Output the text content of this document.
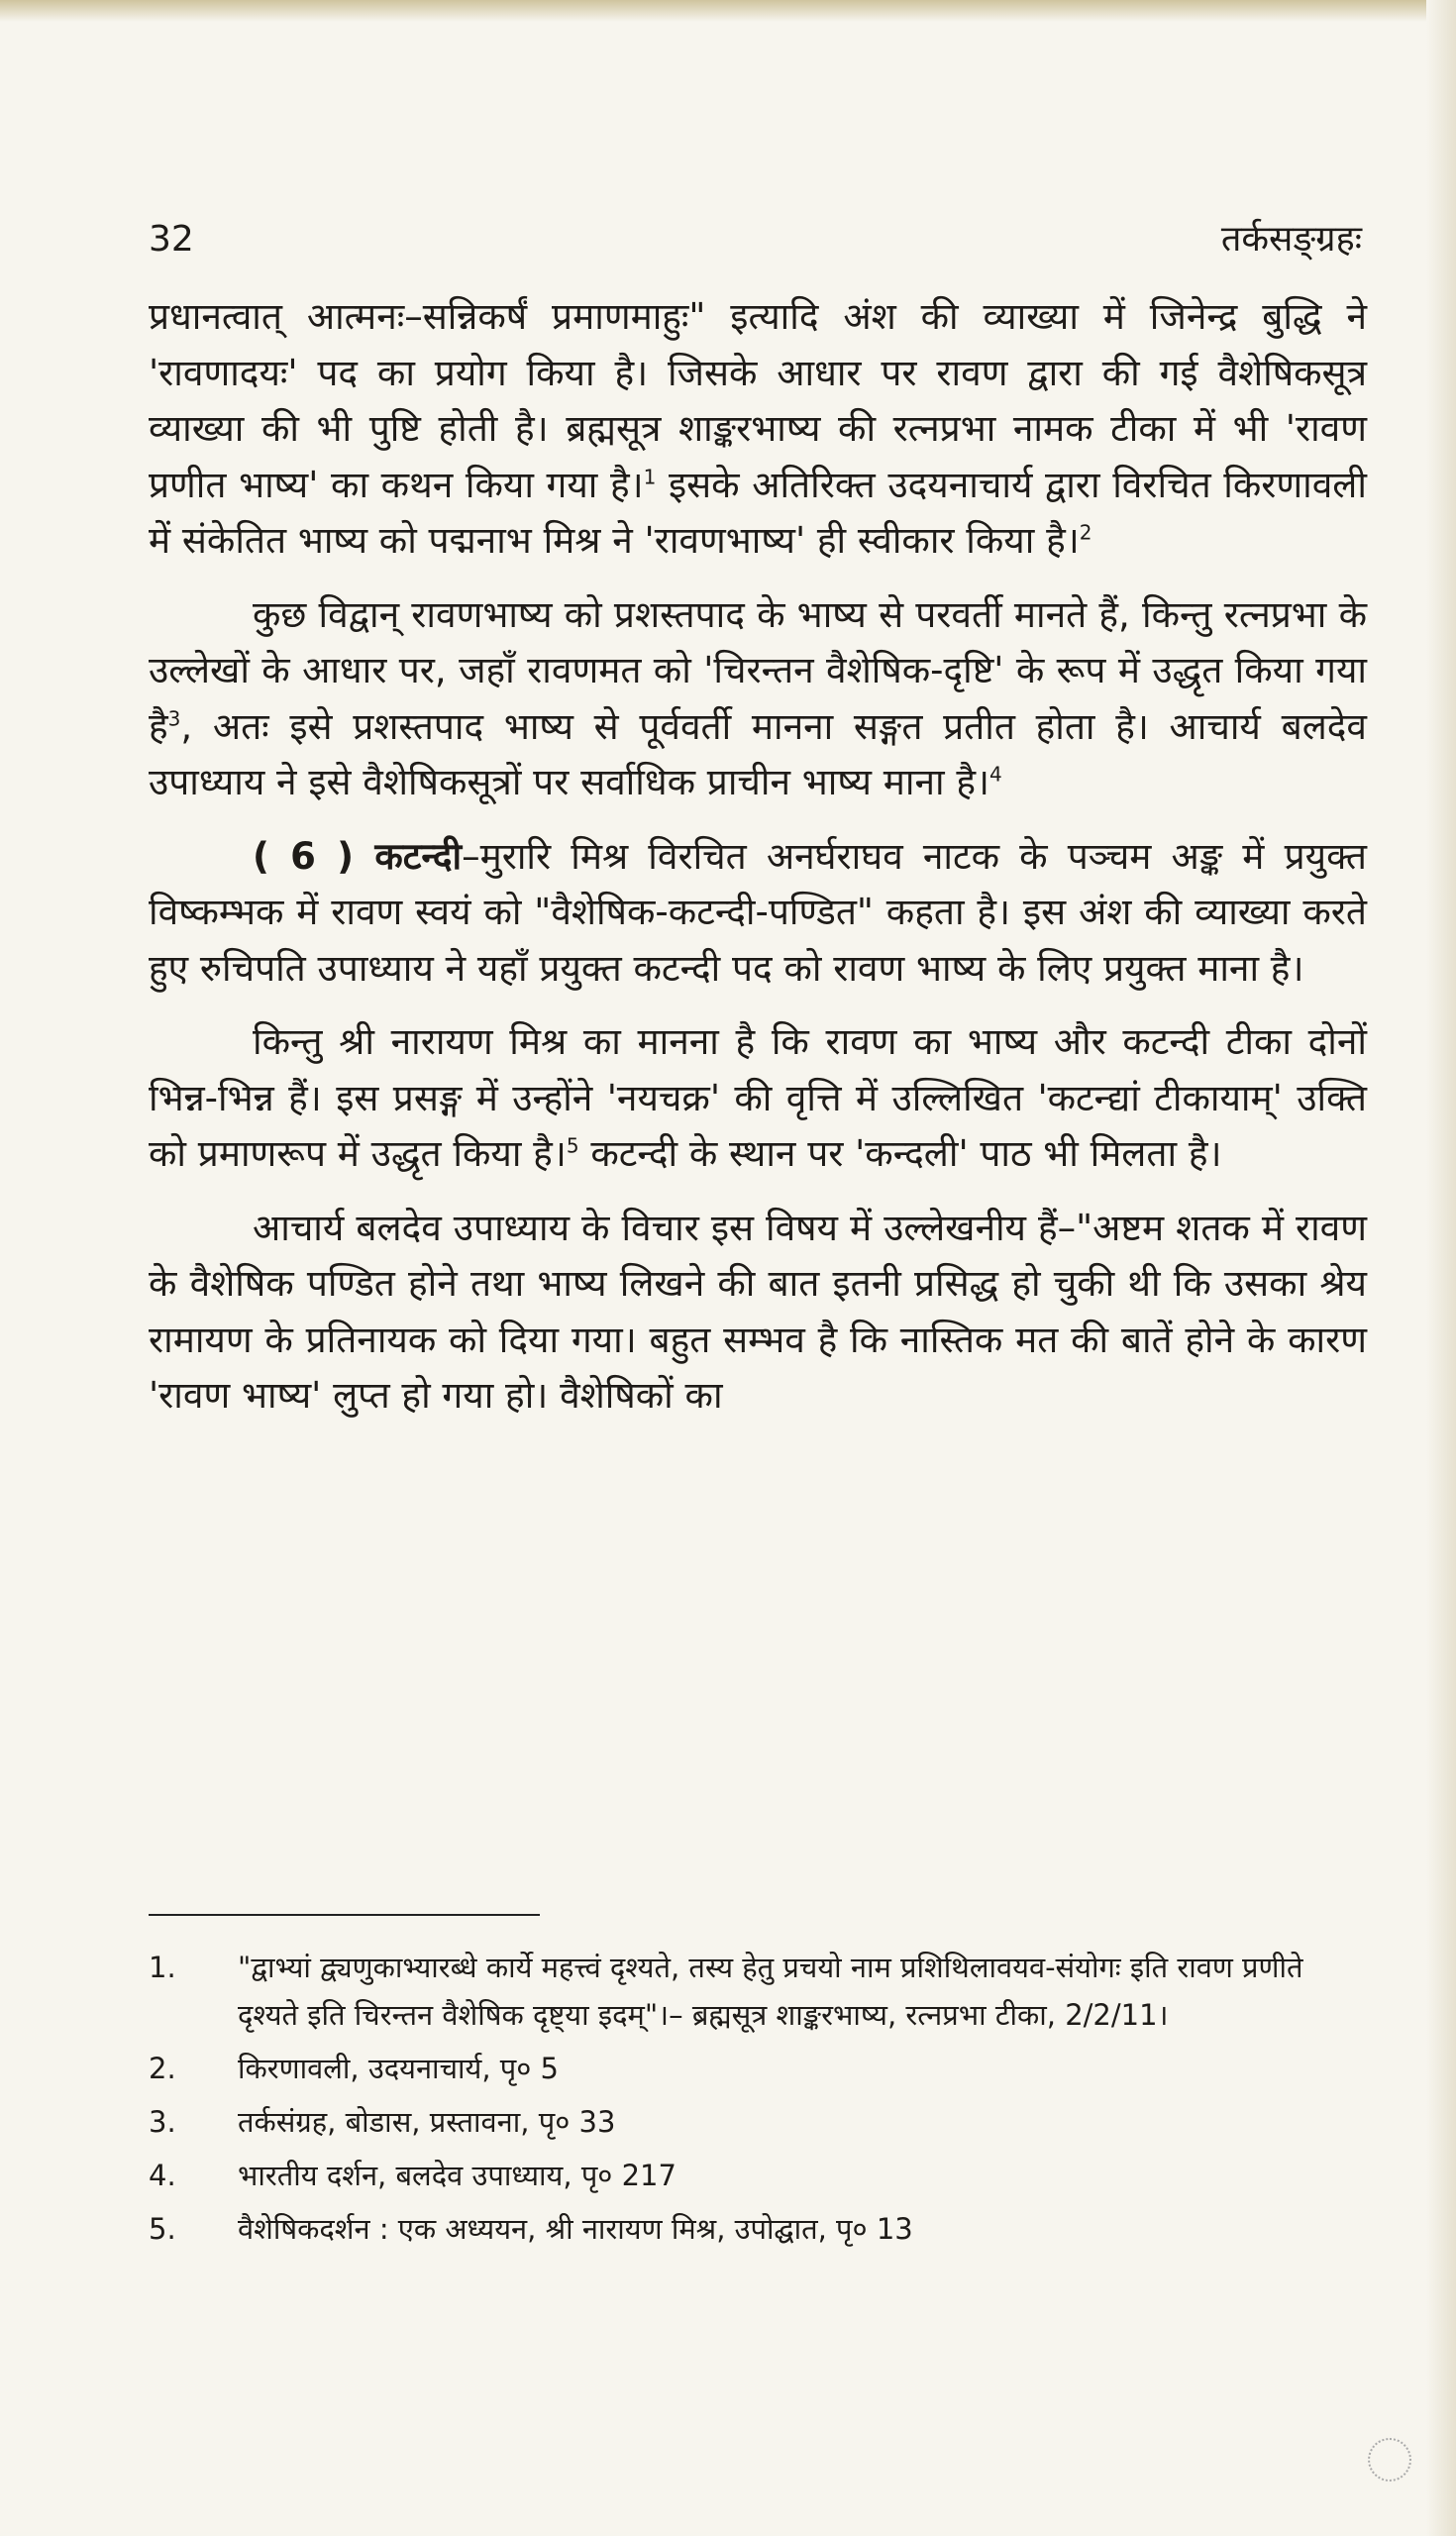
32	तर्कसङ्ग्रहः

प्रधानत्वात् आत्मनः–सन्निकर्षं प्रमाणमाहुः" इत्यादि अंश की व्याख्या में जिनेन्द्र बुद्धि ने 'रावणादयः' पद का प्रयोग किया है। जिसके आधार पर रावण द्वारा की गई वैशेषिकसूत्र व्याख्या की भी पुष्टि होती है। ब्रह्मसूत्र शाङ्करभाष्य की रत्नप्रभा नामक टीका में भी 'रावण प्रणीत भाष्य' का कथन किया गया है।$^1$ इसके अतिरिक्त उदयनाचार्य द्वारा विरचित किरणावली में संकेतित भाष्य को पद्मनाभ मिश्र ने 'रावणभाष्य' ही स्वीकार किया है।$^2$

कुछ विद्वान् रावणभाष्य को प्रशस्तपाद के भाष्य से परवर्ती मानते हैं, किन्तु रत्नप्रभा के उल्लेखों के आधार पर, जहाँ रावणमत को 'चिरन्तन वैशेषिक-दृष्टि' के रूप में उद्धृत किया गया है$^3$, अतः इसे प्रशस्तपाद भाष्य से पूर्ववर्ती मानना सङ्गत प्रतीत होता है। आचार्य बलदेव उपाध्याय ने इसे वैशेषिकसूत्रों पर सर्वाधिक प्राचीन भाष्य माना है।$^4$

( 6 ) कटन्दी–मुरारि मिश्र विरचित अनर्घराघव नाटक के पञ्चम अङ्क में प्रयुक्त विष्कम्भक में रावण स्वयं को "वैशेषिक-कटन्दी-पण्डित" कहता है। इस अंश की व्याख्या करते हुए रुचिपति उपाध्याय ने यहाँ प्रयुक्त कटन्दी पद को रावण भाष्य के लिए प्रयुक्त माना है।

किन्तु श्री नारायण मिश्र का मानना है कि रावण का भाष्य और कटन्दी टीका दोनों भिन्न-भिन्न हैं। इस प्रसङ्ग में उन्होंने 'नयचक्र' की वृत्ति में उल्लिखित 'कटन्द्यां टीकायाम्' उक्ति को प्रमाणरूप में उद्धृत किया है।$^5$ कटन्दी के स्थान पर 'कन्दली' पाठ भी मिलता है।

आचार्य बलदेव उपाध्याय के विचार इस विषय में उल्लेखनीय हैं–"अष्टम शतक में रावण के वैशेषिक पण्डित होने तथा भाष्य लिखने की बात इतनी प्रसिद्ध हो चुकी थी कि उसका श्रेय रामायण के प्रतिनायक को दिया गया। बहुत सम्भव है कि नास्तिक मत की बातें होने के कारण 'रावण भाष्य' लुप्त हो गया हो। वैशेषिकों का

1.	"द्वाभ्यां द्व्यणुकाभ्यारब्धे कार्ये महत्त्वं दृश्यते, तस्य हेतु प्रचयो नाम प्रशिथिलावयव-संयोगः इति रावण प्रणीते दृश्यते इति चिरन्तन वैशेषिक दृष्ट्या इदम्"।– ब्रह्मसूत्र शाङ्करभाष्य, रत्नप्रभा टीका, 2/2/11।
2.	किरणावली, उदयनाचार्य, पृ० 5
3.	तर्कसंग्रह, बोडास, प्रस्तावना, पृ० 33
4.	भारतीय दर्शन, बलदेव उपाध्याय, पृ० 217
5.	वैशेषिकदर्शन : एक अध्ययन, श्री नारायण मिश्र, उपोद्घात, पृ० 13
